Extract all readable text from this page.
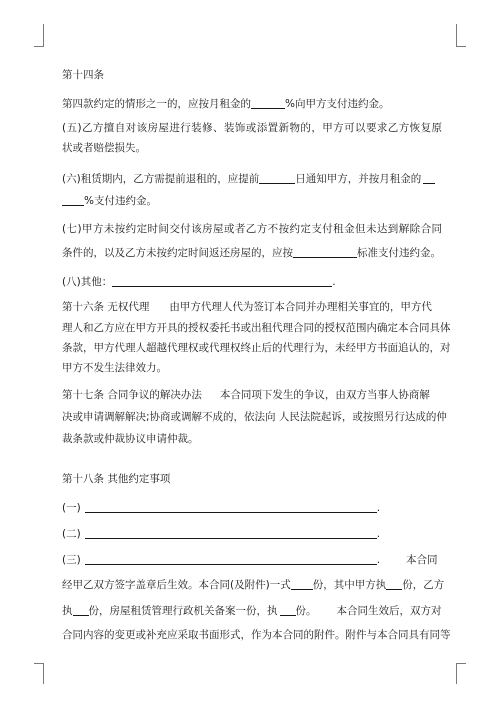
第十四条
第四款约定的情形之一的，应按月租金的	%向甲方支付违约金。
(五)乙方擅自对该房屋进行装修、装饰或添置新物的，甲方可以要求乙方恢复原
状或者赔偿损失。
(六)租赁期内，乙方需提前退租的，应提前	日通知甲方，并按月租金的
%支付违约金。
(七)甲方未按约定时间交付该房屋或者乙方不按约定支付租金但未达到解除合同
条件的，以及乙方未按约定时间返还房屋的，应按	标准支付违约金。
(八)其他：	.
第十六条 无权代理 由甲方代理人代为签订本合同并办理相关事宜的，甲方代
理人和乙方应在甲方开具的授权委托书或出租代理合同的授权范围内确定本合同具体
条款，甲方代理人超越代理权或代理权终止后的代理行为，未经甲方书面追认的，对
甲方不发生法律效力。
第十七条 合同争议的解决办法 本合同项下发生的争议，由双方当事人协商解
决或申请调解解决;协商或调解不成的，依法向 人民法院起诉，或按照另行达成的仲
裁条款或仲裁协议申请仲裁。
第十八条 其他约定事项
(一)	.
(二)	.
(三)	. 本合同
经甲乙双方签字盖章后生效。本合同(及附件)一式 份，其中甲方执 份，乙方
执 份，房屋租赁管理行政机关备案一份，执 份。 本合同生效后，双方对
合同内容的变更或补充应采取书面形式，作为本合同的附件。附件与本合同具有同等
